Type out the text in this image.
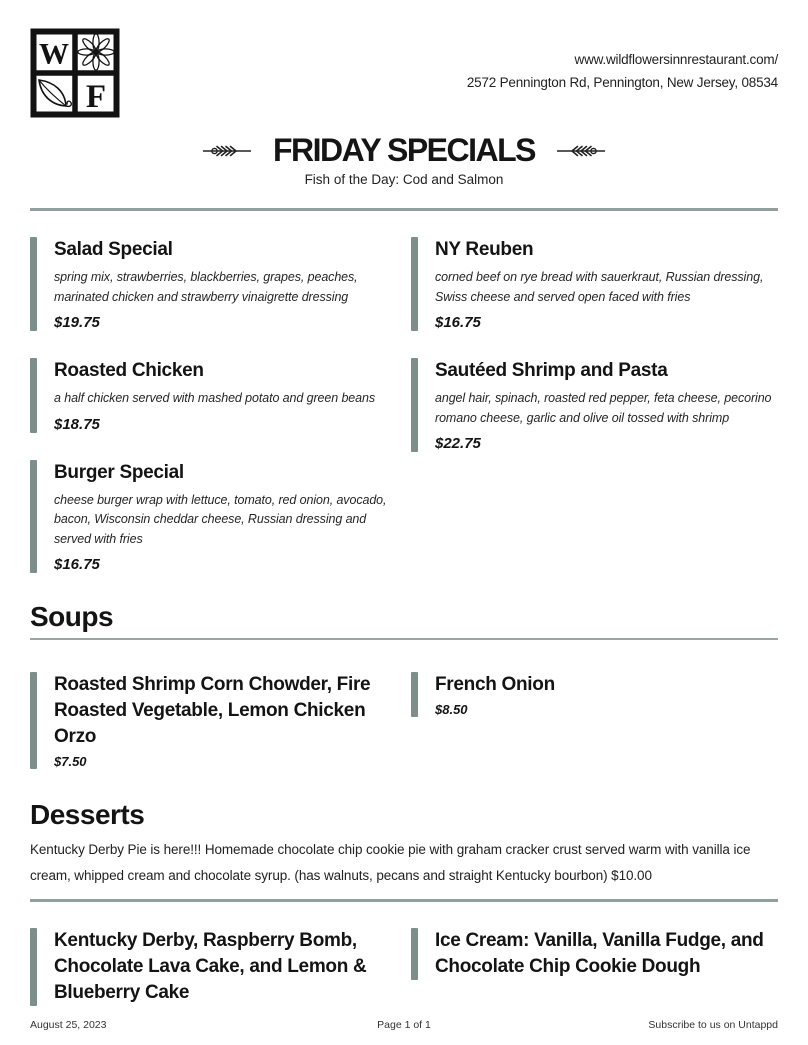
W
F
www.wildflowersinnrestaurant.com/
2572 Pennington Rd, Pennington, New Jersey, 08534
FRIDAY SPECIALS
Fish of the Day: Cod and Salmon
Salad Special

spring mix, strawberries, blackberries, grapes, peaches, marinated chicken and strawberry vinaigrette dressing

$19.75
Roasted Chicken

a half chicken served with mashed potato and green beans

$18.75
Burger Special

cheese burger wrap with lettuce, tomato, red onion, avocado, bacon, Wisconsin cheddar cheese, Russian dressing and served with fries

$16.75
NY Reuben

corned beef on rye bread with sauerkraut, Russian dressing, Swiss cheese and served open faced with fries

$16.75
Sautéed Shrimp and Pasta

angel hair, spinach, roasted red pepper, feta cheese, pecorino romano cheese, garlic and olive oil tossed with shrimp

$22.75
Soups
Roasted Shrimp Corn Chowder, Fire Roasted Vegetable, Lemon Chicken Orzo
$7.50
French Onion
$8.50
Desserts

Kentucky Derby Pie is here!!! Homemade chocolate chip cookie pie with graham cracker crust served warm with vanilla ice cream, whipped cream and chocolate syrup. (has walnuts, pecans and straight Kentucky bourbon) $10.00

Kentucky Derby, Raspberry Bomb, Chocolate Lava Cake, and Lemon & Blueberry Cake
Ice Cream: Vanilla, Vanilla Fudge, and Chocolate Chip Cookie Dough
August 25, 2023	Page 1 of 1	Subscribe to us on Untappd
